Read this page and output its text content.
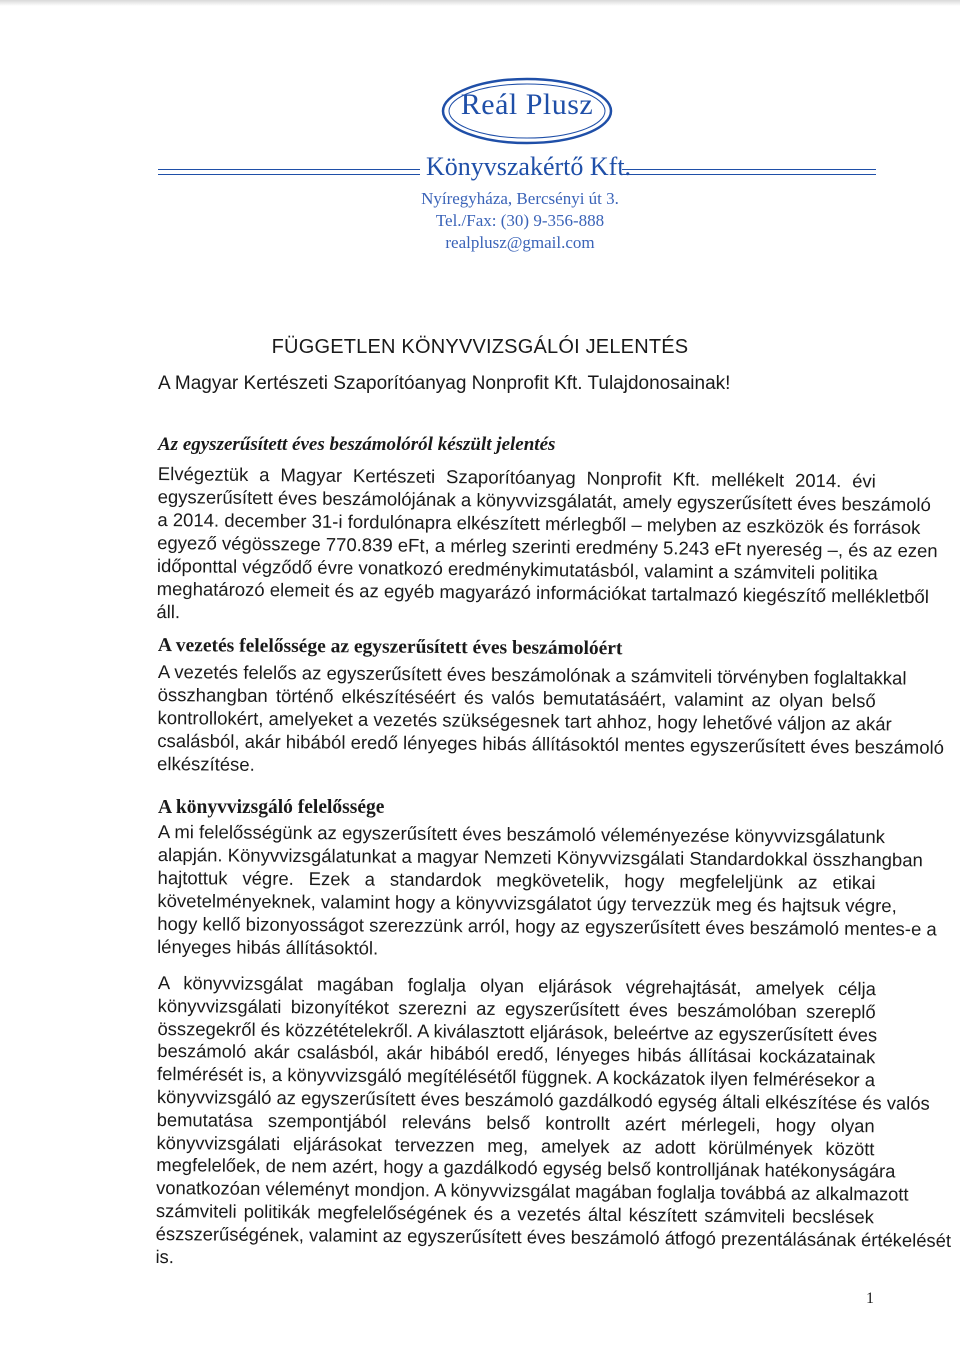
Reál Plusz
Könyvszakértő Kft.
Nyíregyháza, Bercsényi út 3.
Tel./Fax: (30) 9-356-888
realplusz@gmail.com
FÜGGETLEN KÖNYVVIZSGÁLÓI JELENTÉS
A Magyar Kertészeti Szaporítóanyag Nonprofit Kft. Tulajdonosainak!
Az egyszerűsített éves beszámolóról készült jelentés
Elvégeztük a Magyar Kertészeti Szaporítóanyag Nonprofit Kft. mellékelt 2014. évi
egyszerűsített éves beszámolójának a könyvvizsgálatát, amely egyszerűsített éves beszámoló
a 2014. december 31-i fordulónapra elkészített mérlegből – melyben az eszközök és források
egyező végösszege 770.839 eFt, a mérleg szerinti eredmény 5.243 eFt nyereség –, és az ezen
időponttal végződő évre vonatkozó eredménykimutatásból, valamint a számviteli politika
meghatározó elemeit és az egyéb magyarázó információkat tartalmazó kiegészítő mellékletből
áll.
A vezetés felelőssége az egyszerűsített éves beszámolóért
A vezetés felelős az egyszerűsített éves beszámolónak a számviteli törvényben foglaltakkal
összhangban történő elkészítéséért és valós bemutatásáért, valamint az olyan belső
kontrollokért, amelyeket a vezetés szükségesnek tart ahhoz, hogy lehetővé váljon az akár
csalásból, akár hibából eredő lényeges hibás állításoktól mentes egyszerűsített éves beszámoló
elkészítése.
A könyvvizsgáló felelőssége
A mi felelősségünk az egyszerűsített éves beszámoló véleményezése könyvvizsgálatunk
alapján. Könyvvizsgálatunkat a magyar Nemzeti Könyvvizsgálati Standardokkal összhangban
hajtottuk végre. Ezek a standardok megkövetelik, hogy megfeleljünk az etikai
követelményeknek, valamint hogy a könyvvizsgálatot úgy tervezzük meg és hajtsuk végre,
hogy kellő bizonyosságot szerezzünk arról, hogy az egyszerűsített éves beszámoló mentes-e a
lényeges hibás állításoktól.
A könyvvizsgálat magában foglalja olyan eljárások végrehajtását, amelyek célja
könyvvizsgálati bizonyítékot szerezni az egyszerűsített éves beszámolóban szereplő
összegekről és közzétételekről. A kiválasztott eljárások, beleértve az egyszerűsített éves
beszámoló akár csalásból, akár hibából eredő, lényeges hibás állításai kockázatainak
felmérését is, a könyvvizsgáló megítélésétől függnek. A kockázatok ilyen felmérésekor a
könyvvizsgáló az egyszerűsített éves beszámoló gazdálkodó egység általi elkészítése és valós
bemutatása szempontjából releváns belső kontrollt azért mérlegeli, hogy olyan
könyvvizsgálati eljárásokat tervezzen meg, amelyek az adott körülmények között
megfelelőek, de nem azért, hogy a gazdálkodó egység belső kontrolljának hatékonyságára
vonatkozóan véleményt mondjon. A könyvvizsgálat magában foglalja továbbá az alkalmazott
számviteli politikák megfelelőségének és a vezetés által készített számviteli becslések
észszerűségének, valamint az egyszerűsített éves beszámoló átfogó prezentálásának értékelését
is.
1
